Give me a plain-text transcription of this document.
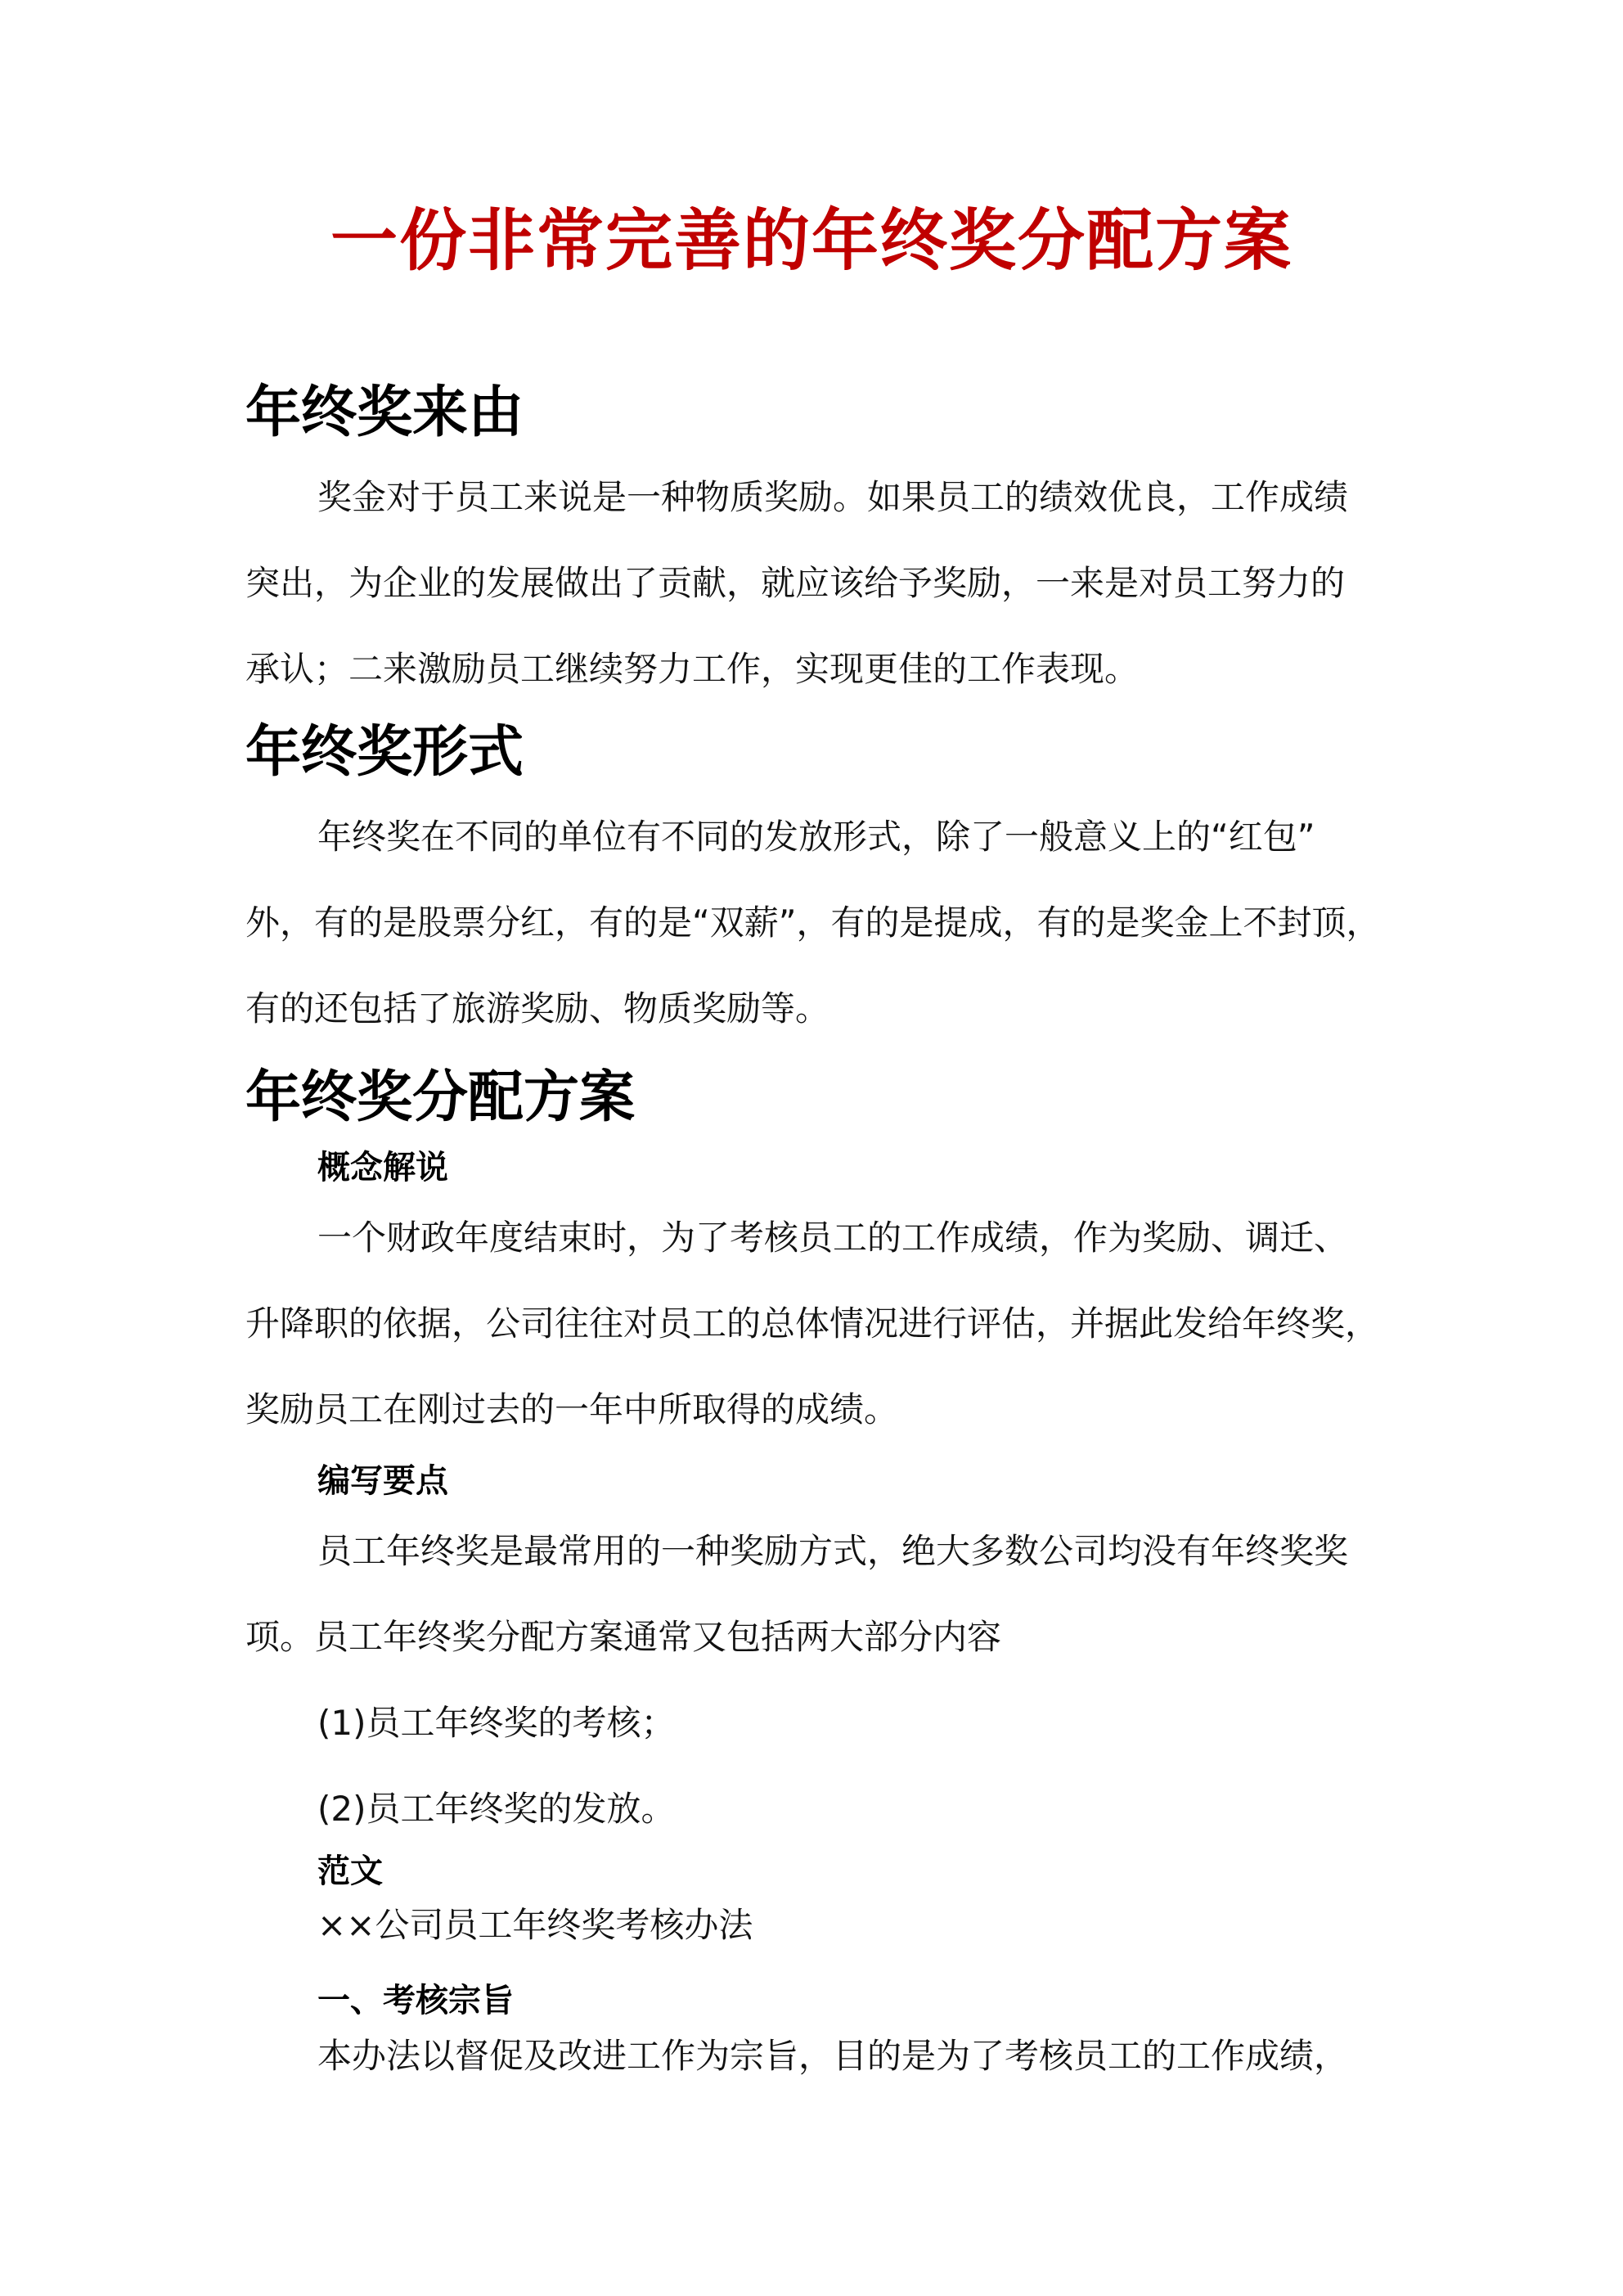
一份非常完善的年终奖分配方案
年终奖来由
奖金对于员工来说是一种物质奖励。如果员工的绩效优良，工作成绩
突出，为企业的发展做出了贡献，就应该给予奖励，一来是对员工努力的
承认；二来激励员工继续努力工作，实现更佳的工作表现。
年终奖形式
年终奖在不同的单位有不同的发放形式，除了一般意义上的“红包”
外，有的是股票分红，有的是“双薪”，有的是提成，有的是奖金上不封顶，
有的还包括了旅游奖励、物质奖励等。
年终奖分配方案
概念解说
一个财政年度结束时，为了考核员工的工作成绩，作为奖励、调迁、
升降职的依据，公司往往对员工的总体情况进行评估，并据此发给年终奖，
奖励员工在刚过去的一年中所取得的成绩。
编写要点
员工年终奖是最常用的一种奖励方式，绝大多数公司均没有年终奖奖
项。员工年终奖分配方案通常又包括两大部分内容
(1)员工年终奖的考核；
(2)员工年终奖的发放。
范文
××公司员工年终奖考核办法
一、考核宗旨
本办法以督促及改进工作为宗旨，目的是为了考核员工的工作成绩，
